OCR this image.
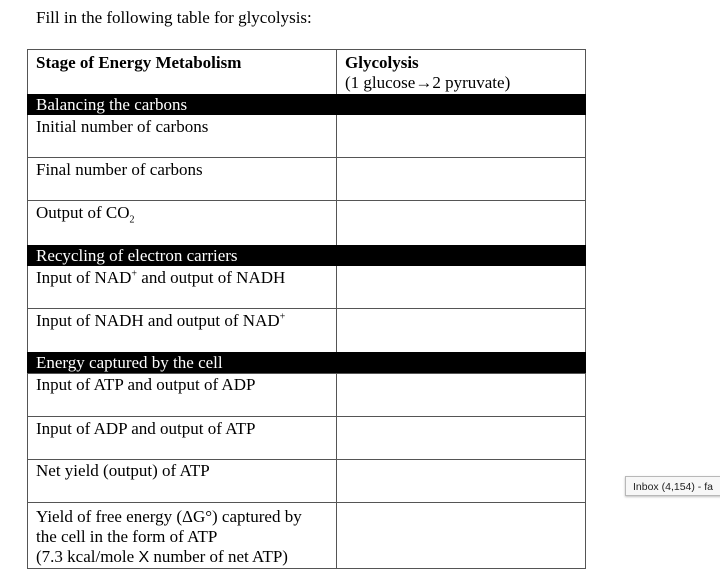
Fill in the following table for glycolysis:
Stage of Energy Metabolism	Glycolysis
(1 glucose→2 pyruvate)
Balancing the carbons
Initial number of carbons
Final number of carbons
Output of $CO_2$
Recycling of electron carriers
Input of NAD+ and output of NADH
Input of NADH and output of NAD+
Energy captured by the cell
Input of ATP and output of ADP
Input of ADP and output of ATP
Net yield (output) of ATP
Yield of free energy (ΔG°) captured by
the cell in the form of ATP
(7.3 kcal/mole X number of net ATP)
Inbox (4,154) - fa
